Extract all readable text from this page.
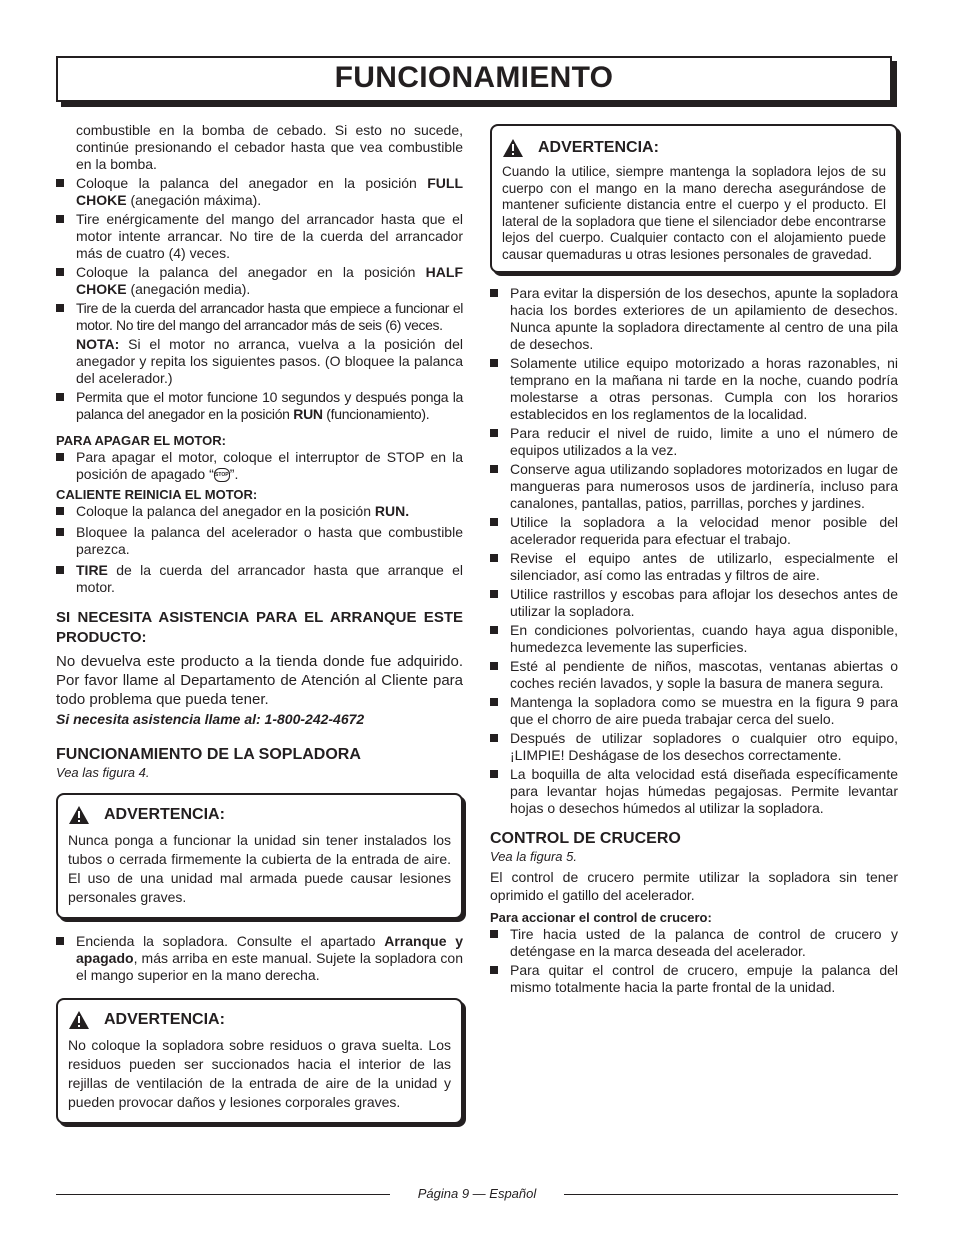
FUNCIONAMIENTO

combustible en la bomba de cebado. Si esto no sucede, continúe presionando el cebador hasta que vea combustible en la bomba.

Coloque la palanca del anegador en la posición FULL CHOKE (anegación máxima).

Tire enérgicamente del mango del arrancador hasta que el motor intente arrancar. No tire de la cuerda del arrancador más de cuatro (4) veces.

Coloque la palanca del anegador en la posición HALF CHOKE (anegación media).

Tire de la cuerda del arrancador hasta que empiece a funcionar el motor. No tire del mango del arrancador más de seis (6) veces.

NOTA: Si el motor no arranca, vuelva a la posición del anegador y repita los siguientes pasos. (O bloquee la palanca del acelerador.)

Permita que el motor funcione 10 segundos y después ponga la palanca del anegador en la posición RUN (funcionamiento).

PARA APAGAR EL MOTOR:

Para apagar el motor, coloque el interruptor de STOP en la posición de apagado “STOP”.

CALIENTE REINICIA EL MOTOR:

Coloque la palanca del anegador en la posición RUN.

Bloquee la palanca del acelerador o hasta que combustible parezca.

TIRE de la cuerda del arrancador hasta que arranque el motor.

SI NECESITA ASISTENCIA PARA EL ARRANQUE ESTE PRODUCTO:

No devuelva este producto a la tienda donde fue adquirido. Por favor llame al Departamento de Atención al Cliente para todo problema que pueda tener.

Si necesita asistencia llame al: 1-800-242-4672

FUNCIONAMIENTO DE LA SOPLADORA

Vea las figura 4.

ADVERTENCIA:

Nunca ponga a funcionar la unidad sin tener instalados los tubos o cerrada firmemente la cubierta de la entrada de aire. El uso de una unidad mal armada puede causar lesiones personales graves.

Encienda la sopladora. Consulte el apartado Arranque y apagado, más arriba en este manual. Sujete la sopladora con el mango superior en la mano derecha.

ADVERTENCIA:

No coloque la sopladora sobre residuos o grava suelta. Los residuos pueden ser succionados hacia el interior de las rejillas de ventilación de la entrada de aire de la unidad y pueden provocar daños y lesiones corporales graves.

ADVERTENCIA:

Cuando la utilice, siempre mantenga la sopladora lejos de su cuerpo con el mango en la mano derecha asegurándose de mantener suficiente distancia entre el cuerpo y el producto. El lateral de la sopladora que tiene el silenciador debe encontrarse lejos del cuerpo. Cualquier contacto con el alojamiento puede causar quemaduras u otras lesiones personales de gravedad.

Para evitar la dispersión de los desechos, apunte la sopladora hacia los bordes exteriores de un apilamiento de desechos. Nunca apunte la sopladora directamente al centro de una pila de desechos.

Solamente utilice equipo motorizado a horas razonables, ni temprano en la mañana ni tarde en la noche, cuando podría molestarse a otras personas. Cumpla con los horarios establecidos en los reglamentos de la localidad.

Para reducir el nivel de ruido, limite a uno el número de equipos utilizados a la vez.

Conserve agua utilizando sopladores motorizados en lugar de mangueras para numerosos usos de jardinería, incluso para canalones, pantallas, patios, parrillas, porches y jardines.

Utilice la sopladora a la velocidad menor posible del acelerador requerida para efectuar el trabajo.

Revise el equipo antes de utilizarlo, especialmente el silenciador, así como las entradas y filtros de aire.

Utilice rastrillos y escobas para aflojar los desechos antes de utilizar la sopladora.

En condiciones polvorientas, cuando haya agua disponible, humedezca levemente las superficies.

Esté al pendiente de niños, mascotas, ventanas abiertas o coches recién lavados, y sople la basura de manera segura.

Mantenga la sopladora como se muestra en la figura 9 para que el chorro de aire pueda trabajar cerca del suelo.

Después de utilizar sopladores o cualquier otro equipo, ¡LIMPIE! Deshágase de los desechos correctamente.

La boquilla de alta velocidad está diseñada específicamente para levantar hojas húmedas pegajosas. Permite levantar hojas o desechos húmedos al utilizar la sopladora.

CONTROL DE CRUCERO

Vea la figura 5.

El control de crucero permite utilizar la sopladora sin tener oprimido el gatillo del acelerador.

Para accionar el control de crucero:

Tire hacia usted de la palanca de control de crucero y deténgase en la marca deseada del acelerador.

Para quitar el control de crucero, empuje la palanca del mismo totalmente hacia la parte frontal de la unidad.

Página 9 — Español
